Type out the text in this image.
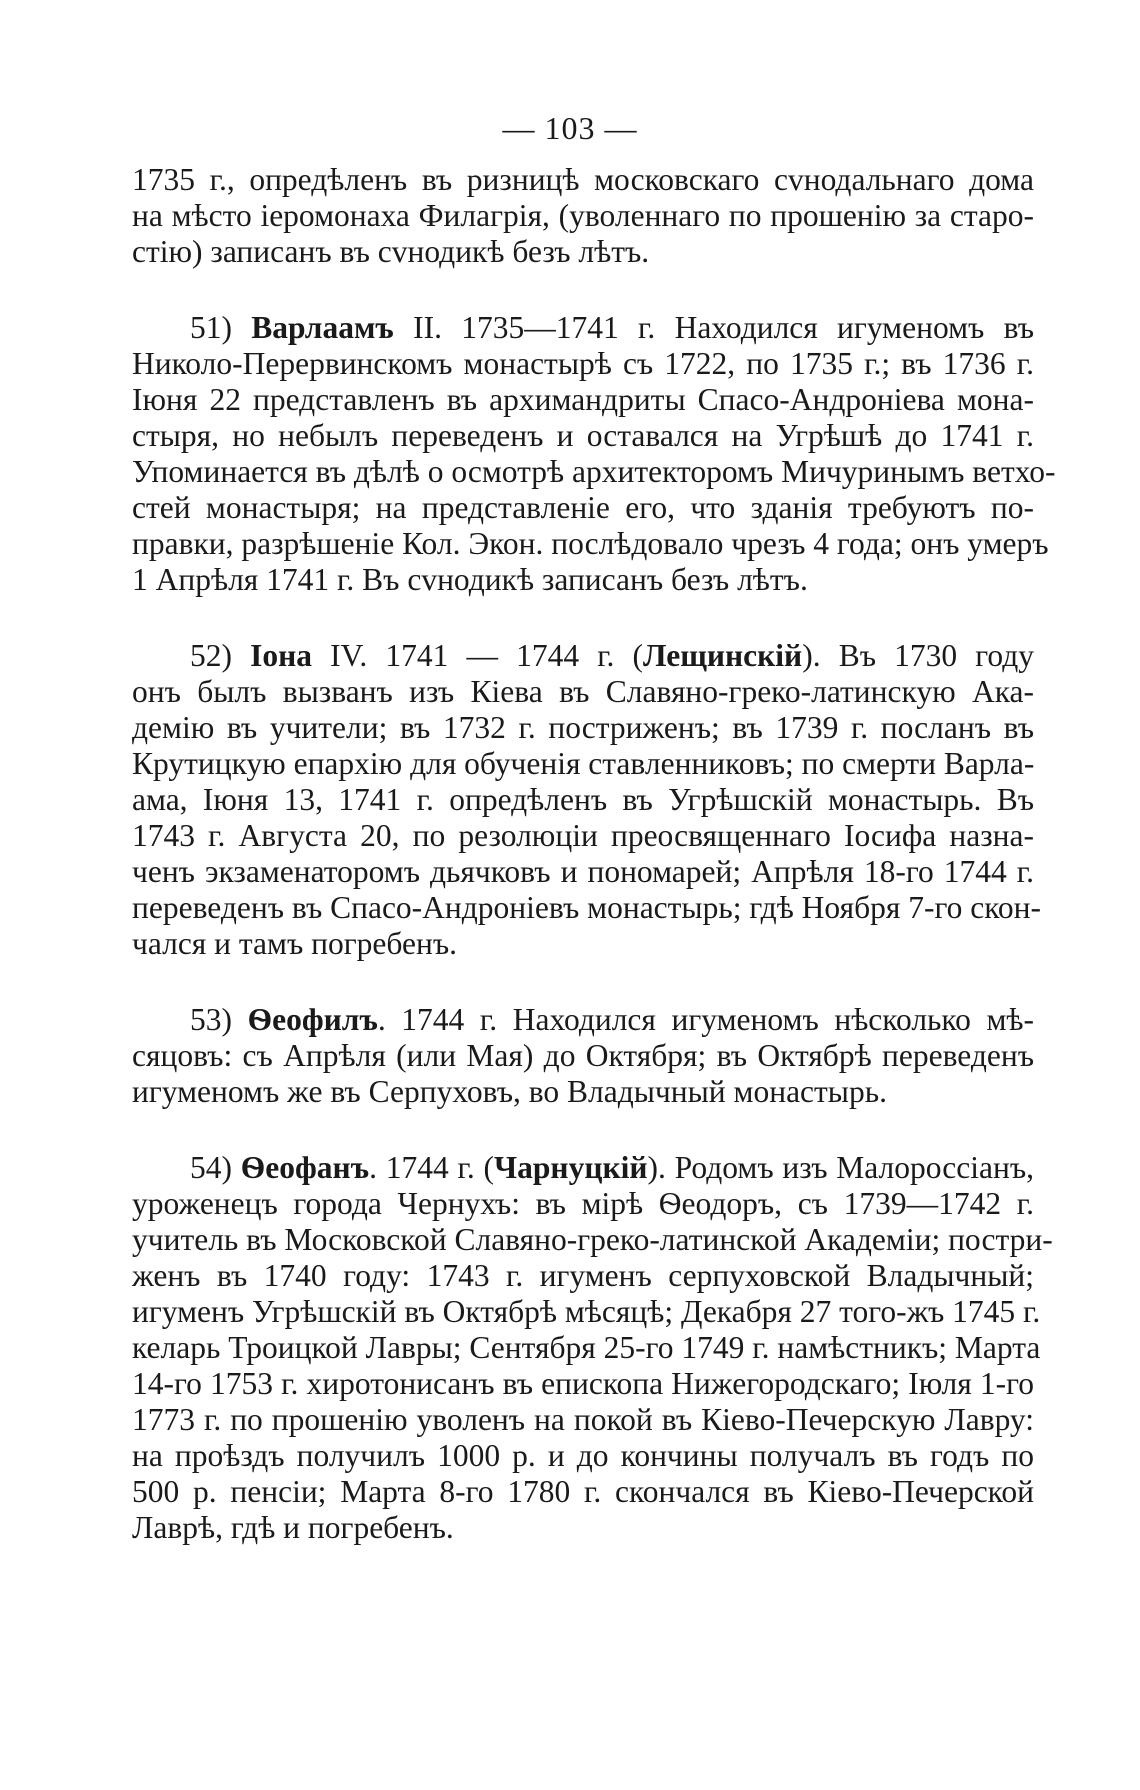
— 103 —
1735 г., опредѣленъ въ ризницѣ московскаго сvнодальнаго дома
на мѣсто іеромонаха Филагрія, (уволеннаго по прошенію за старо-
стію) записанъ въ сvнодикѣ безъ лѣтъ.
51) Варлаамъ II. 1735—1741 г. Находился игуменомъ въ
Николо-Перервинскомъ монастырѣ съ 1722, по 1735 г.; въ 1736 г.
Іюня 22 представленъ въ архимандриты Спасо-Андроніева мона-
стыря, но небылъ переведенъ и оставался на Угрѣшѣ до 1741 г.
Упоминается въ дѣлѣ о осмотрѣ архитекторомъ Мичуринымъ ветхо-
стей монастыря; на представленіе его, что зданія требуютъ по-
правки, разрѣшеніе Кол. Экон. послѣдовало чрезъ 4 года; онъ умеръ
1 Апрѣля 1741 г. Въ сvнодикѣ записанъ безъ лѣтъ.
52) Іона IV. 1741 — 1744 г. (Лещинскій). Въ 1730 году
онъ былъ вызванъ изъ Кіева въ Славяно-греко-латинскую Ака-
демію въ учители; въ 1732 г. постриженъ; въ 1739 г. посланъ въ
Крутицкую епархію для обученія ставленниковъ; по смерти Варла-
ама, Іюня 13, 1741 г. опредѣленъ въ Угрѣшскій монастырь. Въ
1743 г. Августа 20, по резолюціи преосвященнаго Іосифа назна-
ченъ экзаменаторомъ дьячковъ и пономарей; Апрѣля 18-го 1744 г.
переведенъ въ Спасо-Андроніевъ монастырь; гдѣ Ноября 7-го скон-
чался и тамъ погребенъ.
53) Ѳеофилъ. 1744 г. Находился игуменомъ нѣсколько мѣ-
сяцовъ: съ Апрѣля (или Мая) до Октября; въ Октябрѣ переведенъ
игуменомъ же въ Серпуховъ, во Владычный монастырь.
54) Ѳеофанъ. 1744 г. (Чарнуцкій). Родомъ изъ Малороссіанъ,
уроженецъ города Чернухъ: въ мірѣ Ѳеодоръ, съ 1739—1742 г.
учитель въ Московской Славяно-греко-латинской Академіи; постри-
женъ въ 1740 году: 1743 г. игуменъ серпуховской Владычный;
игуменъ Угрѣшскій въ Октябрѣ мѣсяцѣ; Декабря 27 того-жъ 1745 г.
келарь Троицкой Лавры; Сентября 25-го 1749 г. намѣстникъ; Марта
14-го 1753 г. хиротонисанъ въ епископа Нижегородскаго; Іюля 1-го
1773 г. по прошенію уволенъ на покой въ Кіево-Печерскую Лавру:
на проѣздъ получилъ 1000 р. и до кончины получалъ въ годъ по
500 р. пенсіи; Марта 8-го 1780 г. скончался въ Кіево-Печерской
Лаврѣ, гдѣ и погребенъ.
